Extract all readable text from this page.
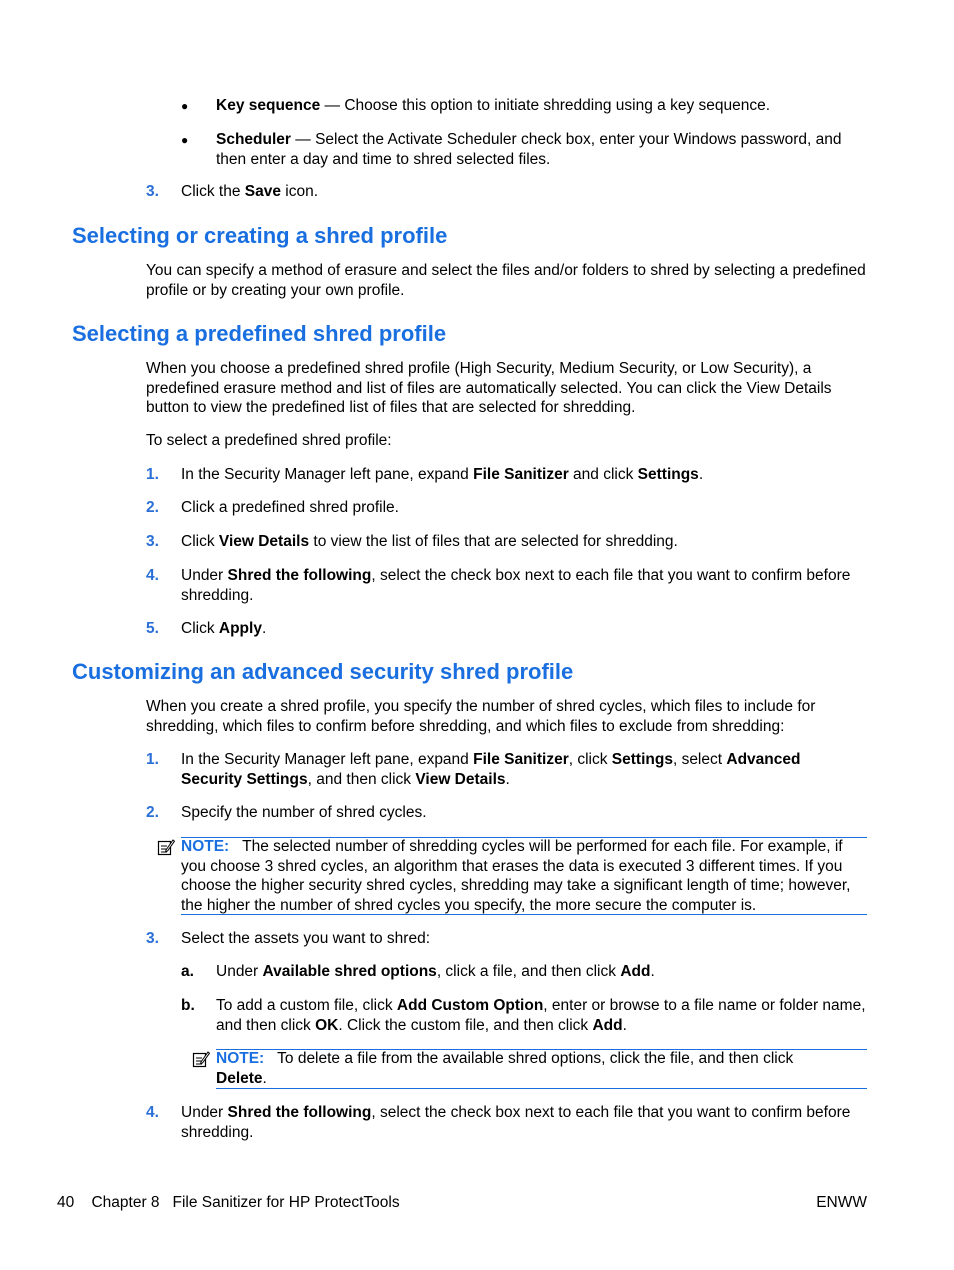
● Key sequence — Choose this option to initiate shredding using a key sequence.
● Scheduler — Select the Activate Scheduler check box, enter your Windows password, and
then enter a day and time to shred selected files.
3. Click the Save icon.
Selecting or creating a shred profile
You can specify a method of erasure and select the files and/or folders to shred by selecting a predefined
profile or by creating your own profile.
Selecting a predefined shred profile
When you choose a predefined shred profile (High Security, Medium Security, or Low Security), a
predefined erasure method and list of files are automatically selected. You can click the View Details
button to view the predefined list of files that are selected for shredding.
To select a predefined shred profile:
1. In the Security Manager left pane, expand File Sanitizer and click Settings.
2. Click a predefined shred profile.
3. Click View Details to view the list of files that are selected for shredding.
4. Under Shred the following, select the check box next to each file that you want to confirm before
shredding.
5. Click Apply.
Customizing an advanced security shred profile
When you create a shred profile, you specify the number of shred cycles, which files to include for
shredding, which files to confirm before shredding, and which files to exclude from shredding:
1. In the Security Manager left pane, expand File Sanitizer, click Settings, select Advanced
Security Settings, and then click View Details.
2. Specify the number of shred cycles.
NOTE: The selected number of shredding cycles will be performed for each file. For example, if
you choose 3 shred cycles, an algorithm that erases the data is executed 3 different times. If you
choose the higher security shred cycles, shredding may take a significant length of time; however,
the higher the number of shred cycles you specify, the more secure the computer is.
3. Select the assets you want to shred:
a. Under Available shred options, click a file, and then click Add.
b. To add a custom file, click Add Custom Option, enter or browse to a file name or folder name,
and then click OK. Click the custom file, and then click Add.
NOTE: To delete a file from the available shred options, click the file, and then click
Delete.
4. Under Shred the following, select the check box next to each file that you want to confirm before
shredding.
40 Chapter 8 File Sanitizer for HP ProtectTools	ENWW
